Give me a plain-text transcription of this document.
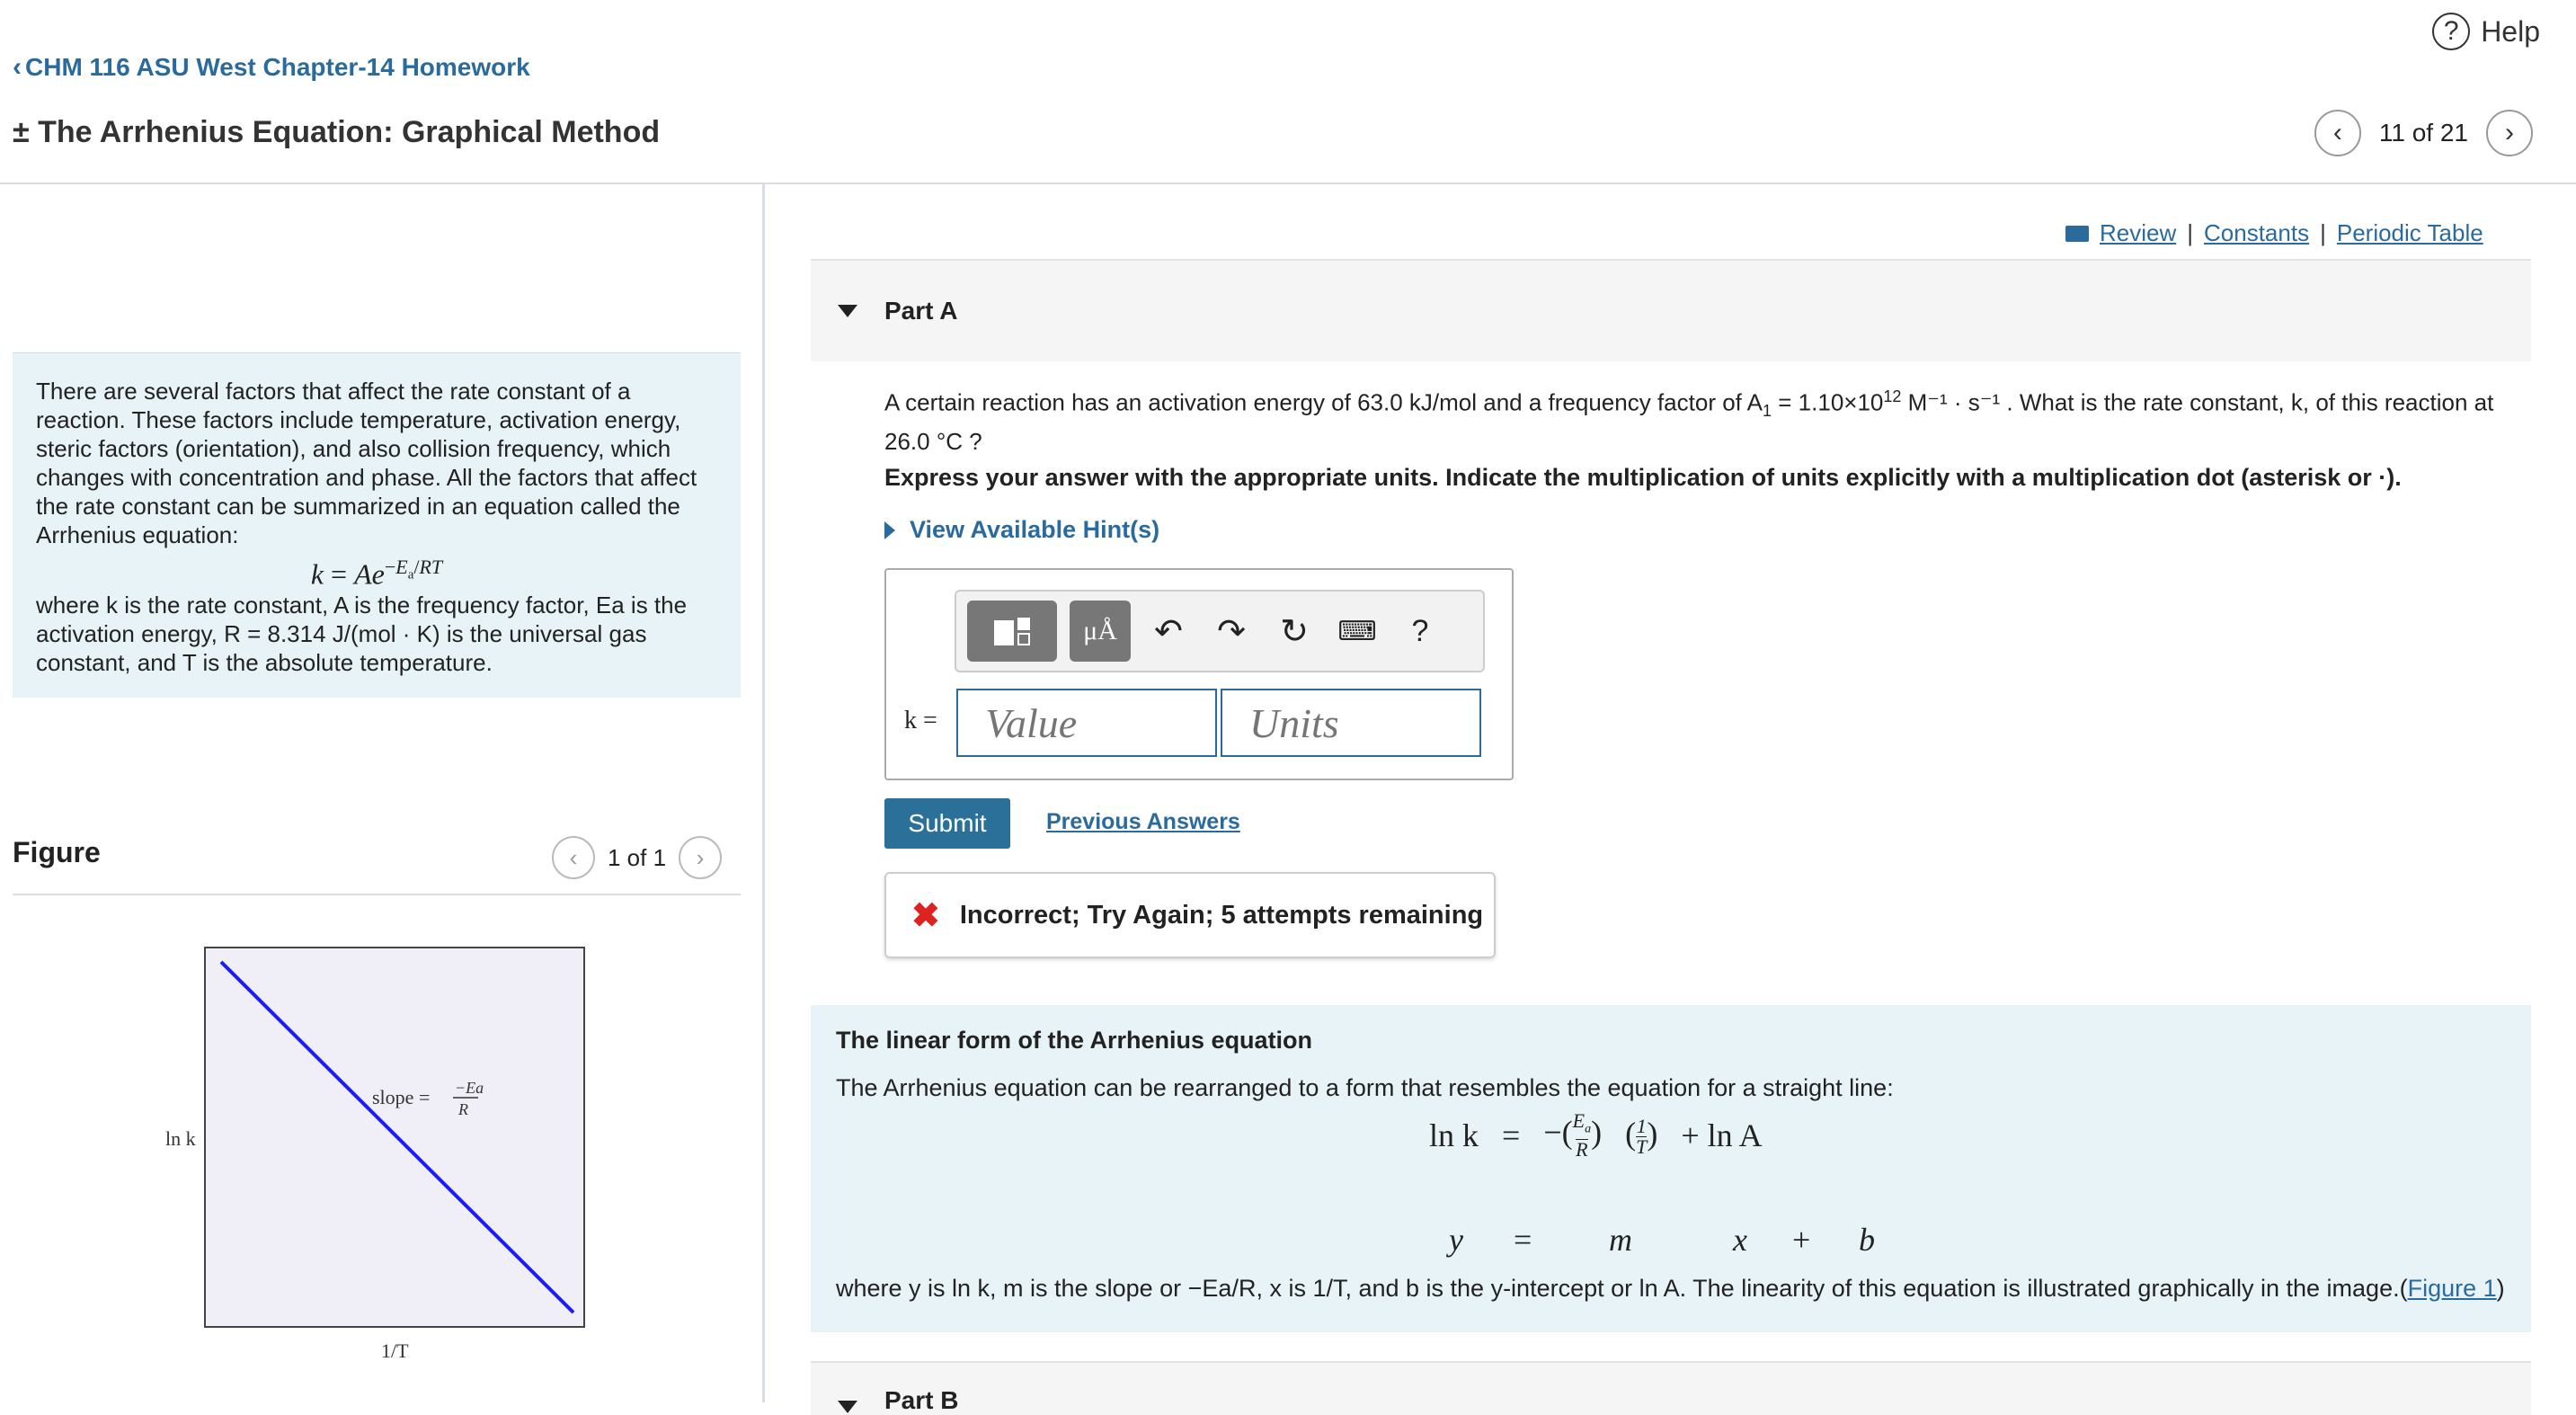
? Help
‹ CHM 116 ASU West Chapter-14 Homework
± The Arrhenius Equation: Graphical Method	‹ 11 of 21 ›
There are several factors that affect the rate constant of a reaction. These factors include temperature, activation energy, steric factors (orientation), and also collision frequency, which changes with concentration and phase. All the factors that affect the rate constant can be summarized in an equation called the Arrhenius equation:
$k = Ae^{-E_a/RT}$
where k is the rate constant, A is the frequency factor, Ea is the activation energy, R = 8.314 J/(mol · K) is the universal gas constant, and T is the absolute temperature.
Figure	‹ 1 of 1 ›
ln k
1/T
slope = −Ea
R
Review | Constants | Periodic Table
Part A
A certain reaction has an activation energy of 63.0 kJ/mol and a frequency factor of $A_1 = 1.10\times 10^{12}$ M⁻¹ · s⁻¹ . What is the rate constant, k, of this reaction at 26.0 °C ?
Express your answer with the appropriate units. Indicate the multiplication of units explicitly with a multiplication dot (asterisk or ·).
View Available Hint(s)
μÅ	↶	↷	↻	⌨	?
k =
Value
Units
Submit	Previous Answers
✖ Incorrect; Try Again; 5 attempts remaining
The linear form of the Arrhenius equation
The Arrhenius equation can be rearranged to a form that resembles the equation for a straight line:
ln k = −( $\frac{E_a}{R}$ ) ( $\frac{1}{T}$ ) + ln A
y = m	x + b
where y is ln k, m is the slope or −Ea/R, x is 1/T, and b is the y-intercept or ln A. The linearity of this equation is illustrated graphically in the image.(Figure 1)
Part B
